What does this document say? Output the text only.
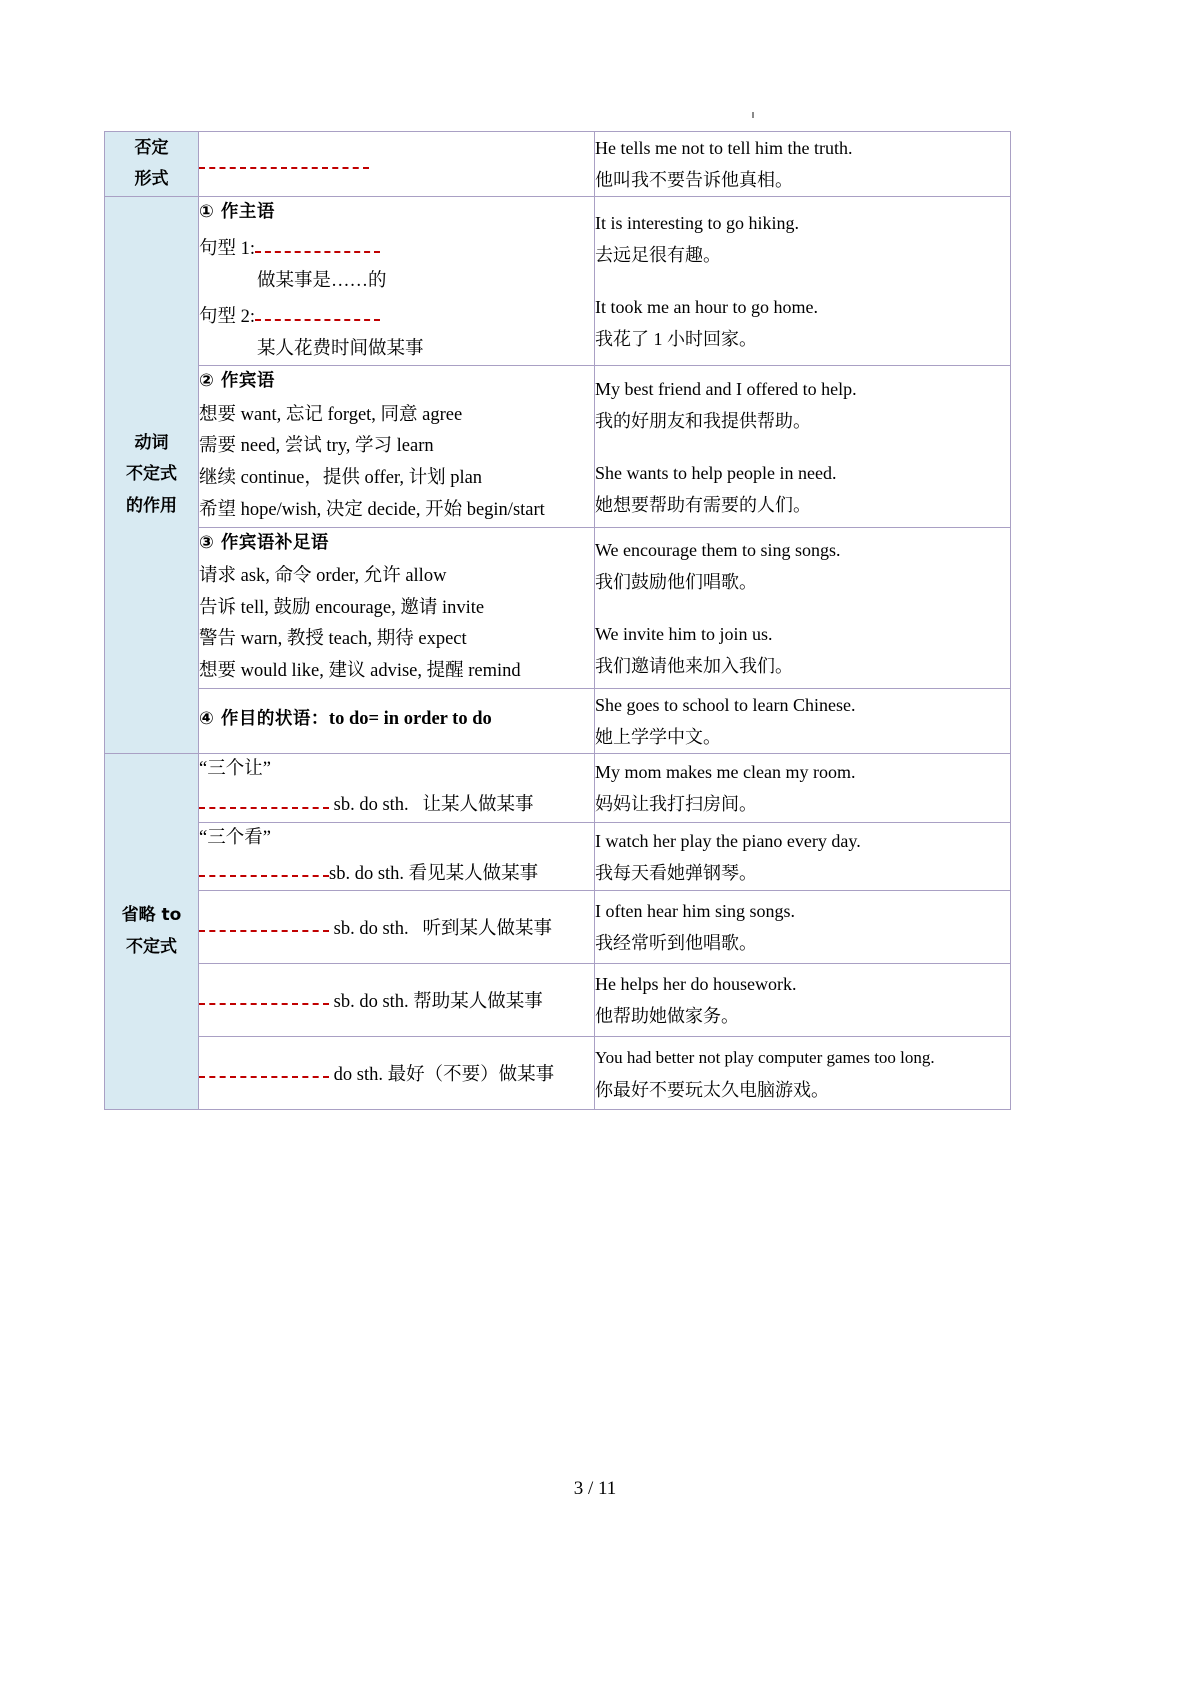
否定
形式		He tells me not to tell him the truth.
他叫我不要告诉他真相。

动词
不定式
的作用	① 作主语
句型 1:
做某事是……的
句型 2:
某人花费时间做某事	It is interesting to go hiking.
去远足很有趣。
It took me an hour to go home.
我花了 1 小时回家。

	② 作宾语
想要 want, 忘记 forget, 同意 agree
需要 need, 尝试 try, 学习 learn
继续 continue，提供 offer, 计划 plan
希望 hope/wish, 决定 decide, 开始 begin/start	My best friend and I offered to help.
我的好朋友和我提供帮助。
She wants to help people in need.
她想要帮助有需要的人们。

	③ 作宾语补足语
请求 ask, 命令 order, 允许 allow
告诉 tell, 鼓励 encourage, 邀请 invite
警告 warn, 教授 teach, 期待 expect
想要 would like, 建议 advise, 提醒 remind	We encourage them to sing songs.
我们鼓励他们唱歌。
We invite him to join us.
我们邀请他来加入我们。

	④ 作目的状语：to do= in order to do	She goes to school to learn Chinese.
她上学学中文。

省略 to
不定式	“三个让”
sb. do sth. 让某人做某事	My mom makes me clean my room.
妈妈让我打扫房间。

	“三个看”
sb. do sth. 看见某人做某事	I watch her play the piano every day.
我每天看她弹钢琴。

	sb. do sth. 听到某人做某事	I often hear him sing songs.
我经常听到他唱歌。

	sb. do sth. 帮助某人做某事	He helps her do housework.
他帮助她做家务。

	do sth. 最好（不要）做某事	You had better not play computer games too long.
你最好不要玩太久电脑游戏。
3 / 11
